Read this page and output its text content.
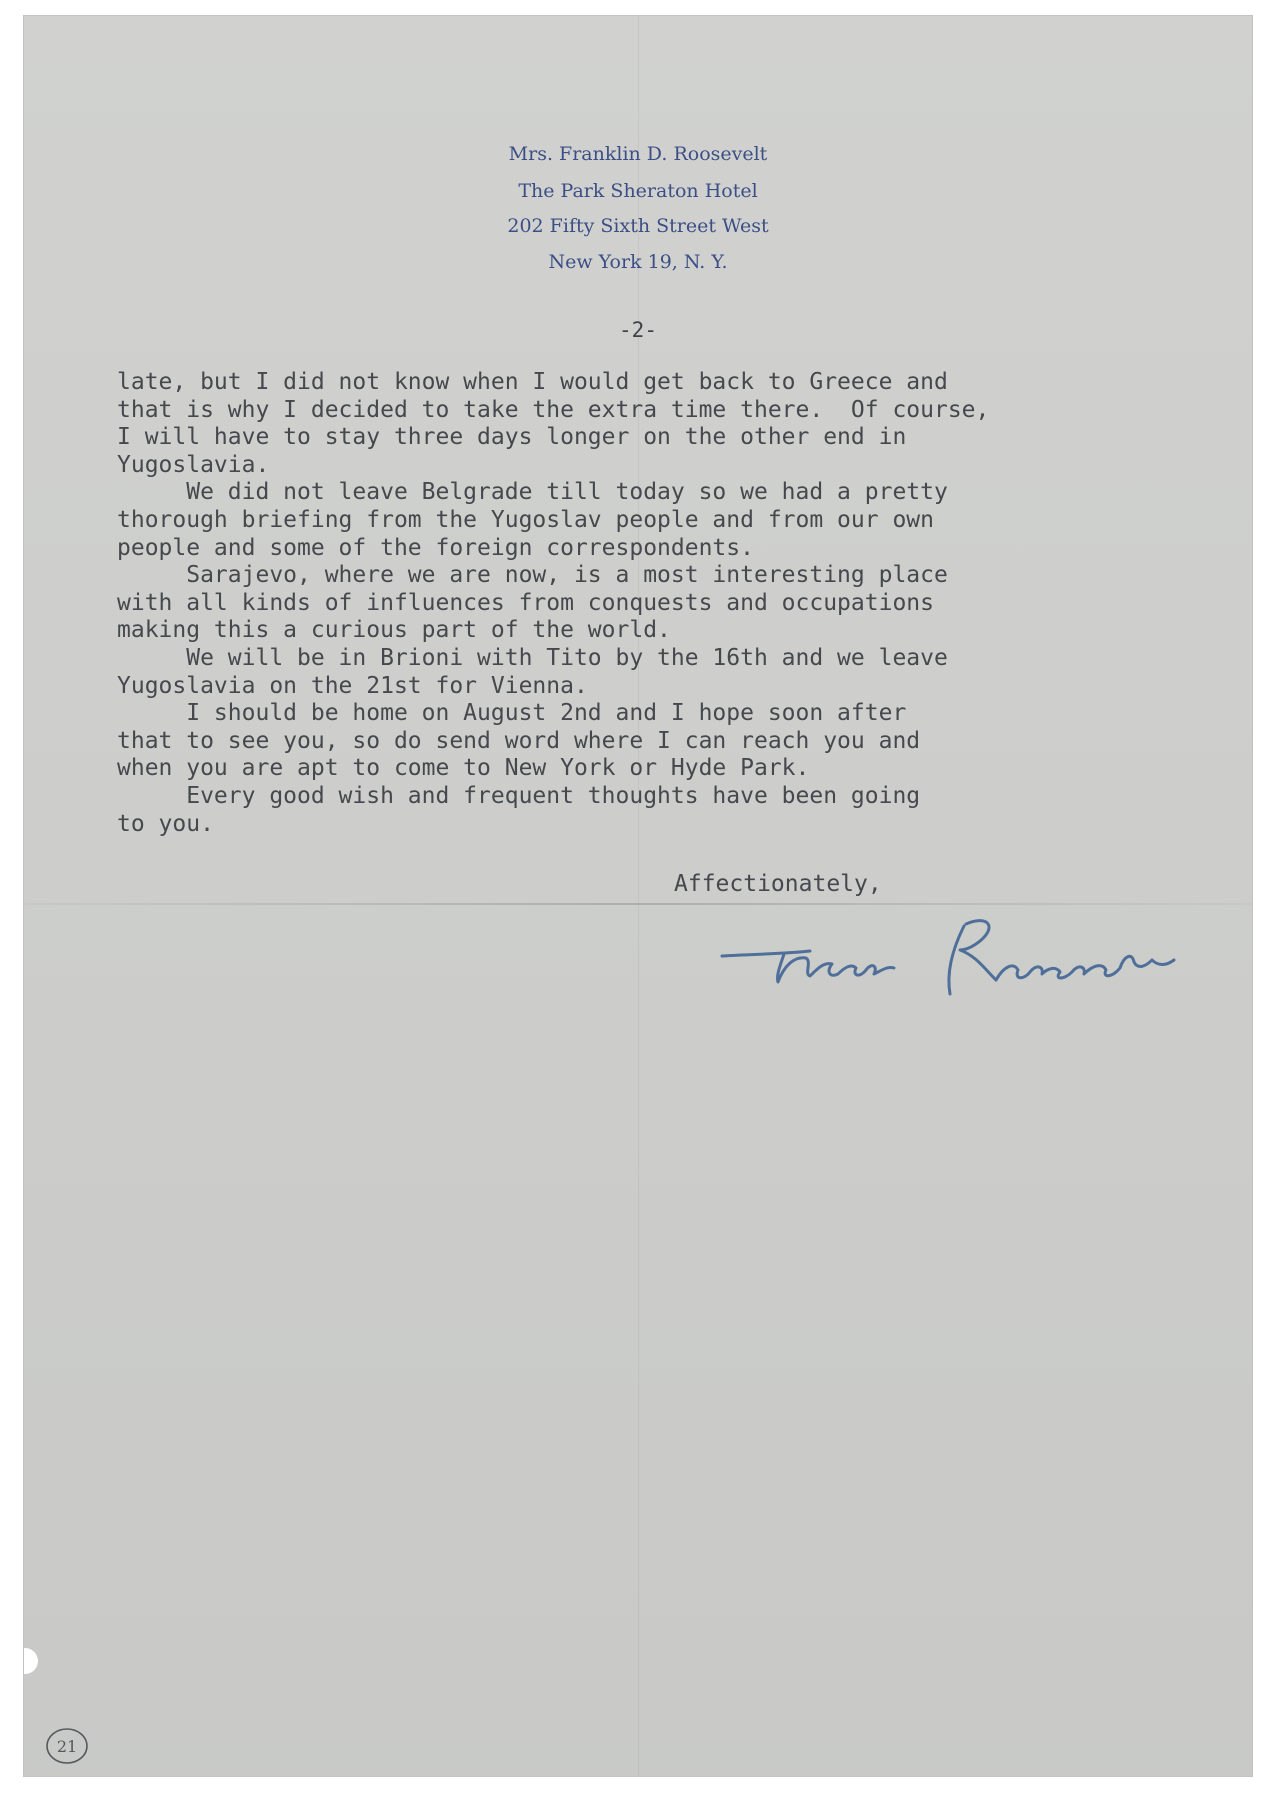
Mrs. Franklin D. Roosevelt

The Park Sheraton Hotel

202 Fifty Sixth Street West

New York 19, N. Y.

-2-

late, but I did not know when I would get back to Greece and

that is why I decided to take the extra time there.  Of course,

I will have to stay three days longer on the other end in

Yugoslavia.

We did not leave Belgrade till today so we had a pretty

thorough briefing from the Yugoslav people and from our own

people and some of the foreign correspondents.

Sarajevo, where we are now, is a most interesting place

with all kinds of influences from conquests and occupations

making this a curious part of the world.

We will be in Brioni with Tito by the 16th and we leave

Yugoslavia on the 21st for Vienna.

I should be home on August 2nd and I hope soon after

that to see you, so do send word where I can reach you and

when you are apt to come to New York or Hyde Park.

Every good wish and frequent thoughts have been going

to you.

Affectionately,

21
